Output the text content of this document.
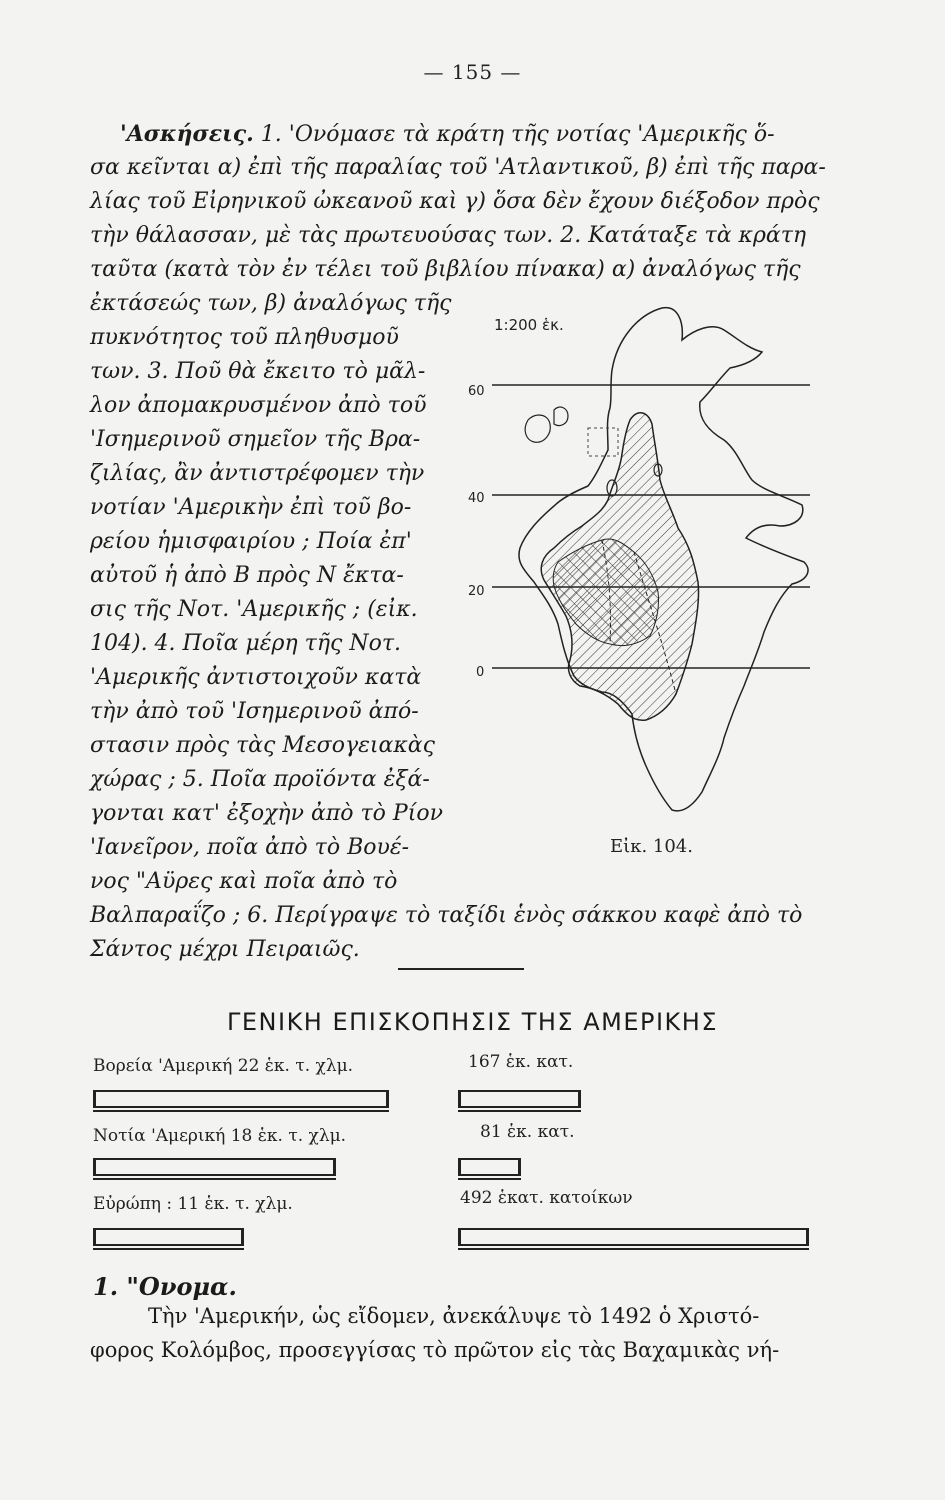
— 155 —
'Ασκήσεις. 1. 'Ονόμασε τὰ κράτη τῆς νοτίας 'Αμερικῆς ὅ-
σα κεῖνται α) ἐπὶ τῆς παραλίας τοῦ 'Ατλαντικοῦ, β) ἐπὶ τῆς παρα-
λίας τοῦ Εἰρηνικοῦ ὠκεανοῦ καὶ γ) ὅσα δὲν ἔχουν διέξοδον πρὸς
τὴν θάλασσαν, μὲ τὰς πρωτευούσας των. 2. Κατάταξε τὰ κράτη
ταῦτα (κατὰ τὸν ἐν τέλει τοῦ βιβλίου πίνακα) α) ἀναλόγως τῆς
ἐκτάσεώς των, β) ἀναλόγως τῆς
πυκνότητος τοῦ πληθυσμοῦ
των. 3. Ποῦ θὰ ἔκειτο τὸ μᾶλ-
λον ἀπομακρυσμένον ἀπὸ τοῦ
'Ισημερινοῦ σημεῖον τῆς Βρα-
ζιλίας, ἂν ἀντιστρέφομεν τὴν
νοτίαν 'Αμερικὴν ἐπὶ τοῦ βο-
ρείου ἡμισφαιρίου ; Ποία ἐπ'
αὐτοῦ ἡ ἀπὸ Β πρὸς Ν ἔκτα-
σις τῆς Νοτ. 'Αμερικῆς ; (εἰκ.
104). 4. Ποῖα μέρη τῆς Νοτ.
'Αμερικῆς ἀντιστοιχοῦν κατὰ
τὴν ἀπὸ τοῦ 'Ισημερινοῦ ἀπό-
στασιν πρὸς τὰς Μεσογειακὰς
χώρας ; 5. Ποῖα προϊόντα ἐξά-
γονται κατ' ἐξοχὴν ἀπὸ τὸ Ρίον
'Ιανεῖρον, ποῖα ἀπὸ τὸ Βουέ-
νος "Αϋρες καὶ ποῖα ἀπὸ τὸ
Βαλπαραΐζο ; 6. Περίγραψε τὸ ταξίδι ἑνὸς σάκκου καφὲ ἀπὸ τὸ
Σάντος μέχρι Πειραιῶς.
1:200 ἑκ.
60
40
20
0
Εἰκ. 104.
ΓΕΝΙΚΗ ΕΠΙΣΚΟΠΗΣΙΣ ΤΗΣ ΑΜΕΡΙΚΗΣ
Βορεία 'Αμερική 22 ἑκ. τ. χλμ.	167 ἑκ. κατ.
Νοτία 'Αμερική 18 ἑκ. τ. χλμ.	81 ἑκ. κατ.
Εὐρώπη : 11 ἑκ. τ. χλμ.	492 ἑκατ. κατοίκων
1. "Ονομα.
Τὴν 'Αμερικήν, ὡς εἴδομεν, ἀνεκάλυψε τὸ 1492 ὁ Χριστό-
φορος Κολόμβος, προσεγγίσας τὸ πρῶτον εἰς τὰς Βαχαμικὰς νή-
